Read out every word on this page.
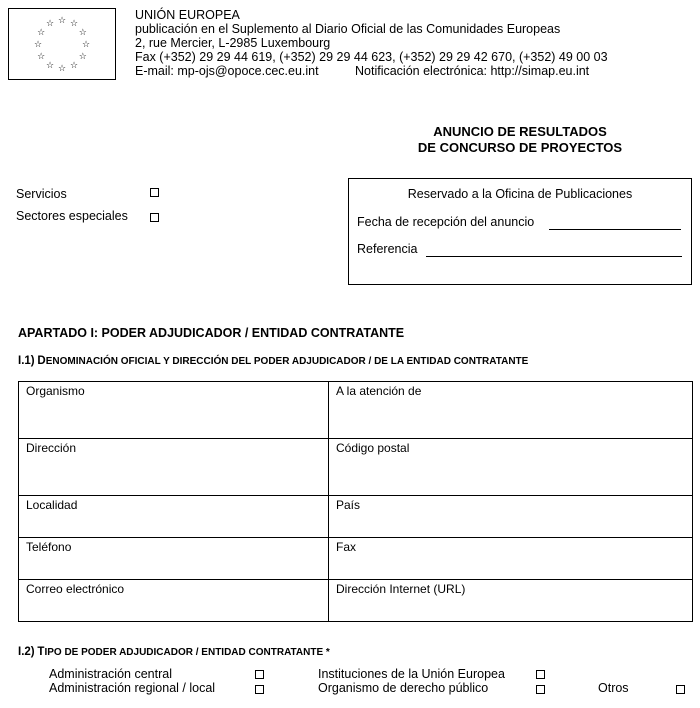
☆ ☆
☆
☆
☆
☆
☆
☆
☆
☆
☆
☆
UNIÓN EUROPEA
publicación en el Suplemento al Diario Oficial de las Comunidades Europeas
2, rue Mercier, L-2985 Luxembourg
Fax (+352) 29 29 44 619, (+352) 29 29 44 623, (+352) 29 29 42 670, (+352) 49 00 03
E-mail: mp-ojs@opoce.cec.eu.int	Notificación electrónica: http://simap.eu.int
ANUNCIO DE RESULTADOS
DE CONCURSO DE PROYECTOS
Servicios
Sectores especiales
Reservado a la Oficina de Publicaciones
Fecha de recepción del anuncio
Referencia
APARTADO I: PODER ADJUDICADOR / ENTIDAD CONTRATANTE
I.1) DENOMINACIÓN OFICIAL Y DIRECCIÓN DEL PODER ADJUDICADOR / DE LA ENTIDAD CONTRATANTE
Organismo	A la atención de
Dirección	Código postal
Localidad	País
Teléfono	Fax
Correo electrónico	Dirección Internet (URL)
I.2) TIPO DE PODER ADJUDICADOR / ENTIDAD CONTRATANTE *
Administración central
Administración regional / local
Instituciones de la Unión Europea
Organismo de derecho público	Otros
